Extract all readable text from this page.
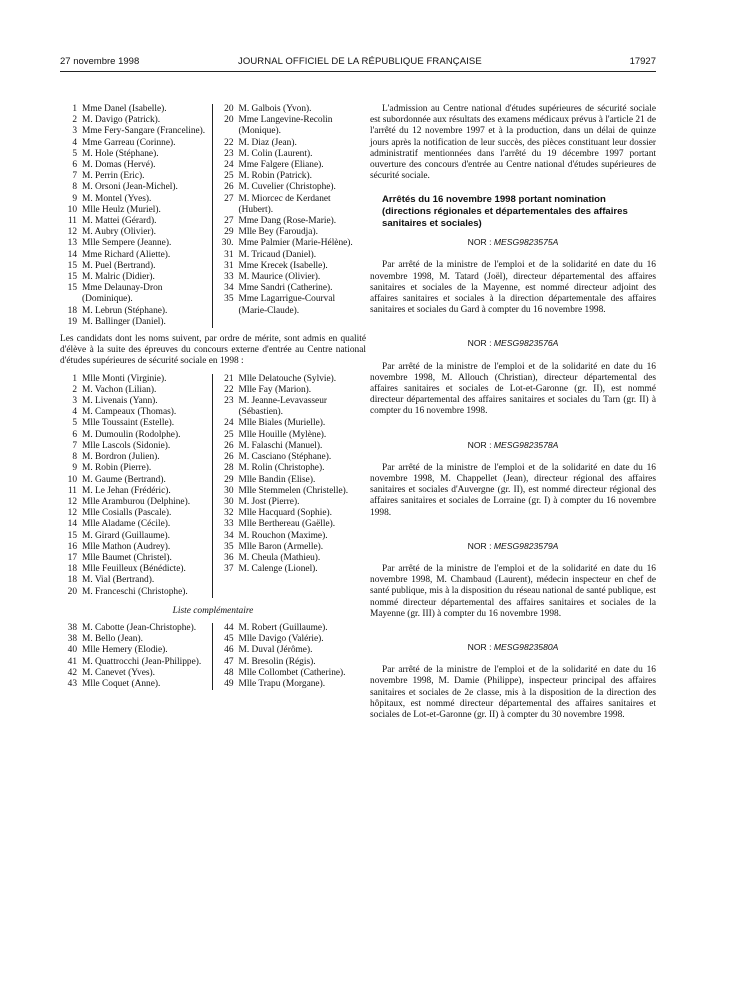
27 novembre 1998	JOURNAL OFFICIEL DE LA RÉPUBLIQUE FRANÇAISE	17927
1 Mme Danel (Isabelle).
2 M. Davigo (Patrick).
3 Mme Fery-Sangare (Franceline).
4 Mme Garreau (Corinne).
5 M. Hole (Stéphane).
6 M. Domas (Hervé).
7 M. Perrin (Eric).
8 M. Orsoni (Jean-Michel).
9 M. Montel (Yves).
10 Mlle Heulz (Muriel).
11 M. Mattei (Gérard).
12 M. Aubry (Olivier).
13 Mlle Sempere (Jeanne).
14 Mme Richard (Aliette).
15 M. Puel (Bertrand).
15 M. Malric (Didier).
15 Mme Delaunay-Dron (Dominique).
18 M. Lebrun (Stéphane).
19 M. Ballinger (Daniel).
20 M. Galbois (Yvon).
20 Mme Langevine-Recolin (Monique).
22 M. Diaz (Jean).
23 M. Colin (Laurent).
24 Mme Falgere (Eliane).
25 M. Robin (Patrick).
26 M. Cuvelier (Christophe).
27 M. Miorcec de Kerdanet (Hubert).
27 Mme Dang (Rose-Marie).
29 Mlle Bey (Faroudja).
30. Mme Palmier (Marie-Hélène).
31 M. Tricaud (Daniel).
31 Mme Krecek (Isabelle).
33 M. Maurice (Olivier).
34 Mme Sandri (Catherine).
35 Mme Lagarrigue-Courval (Marie-Claude).

Les candidats dont les noms suivent, par ordre de mérite, sont admis en qualité d'élève à la suite des épreuves du concours externe d'entrée au Centre national d'études supérieures de sécurité sociale en 1998 :

1 Mlle Monti (Virginie).
2 M. Vachon (Lilian).
3 M. Livenais (Yann).
4 M. Campeaux (Thomas).
5 Mlle Toussaint (Estelle).
6 M. Dumoulin (Rodolphe).
7 Mlle Lascols (Sidonie).
8 M. Bordron (Julien).
9 M. Robin (Pierre).
10 M. Gaume (Bertrand).
11 M. Le Jehan (Frédéric).
12 Mlle Aramburou (Delphine).
12 Mlle Cosialls (Pascale).
14 Mlle Aladame (Cécile).
15 M. Girard (Guillaume).
16 Mlle Mathon (Audrey).
17 Mlle Baumet (Christel).
18 Mlle Feuilleux (Bénédicte).
18 M. Vial (Bertrand).
20 M. Franceschi (Christophe).
21 Mlle Delatouche (Sylvie).
22 Mlle Fay (Marion).
23 M. Jeanne-Levavasseur (Sébastien).
24 Mlle Biales (Murielle).
25 Mlle Houille (Mylène).
26 M. Falaschi (Manuel).
26 M. Casciano (Stéphane).
28 M. Rolin (Christophe).
29 Mlle Bandin (Elise).
30 Mlle Stemmelen (Christelle).
30 M. Jost (Pierre).
32 Mlle Hacquard (Sophie).
33 Mlle Berthereau (Gaëlle).
34 M. Rouchon (Maxime).
35 Mlle Baron (Armelle).
36 M. Cheula (Mathieu).
37 M. Calenge (Lionel).
Liste complémentaire
38 M. Cabotte (Jean-Christophe).
38 M. Bello (Jean).
40 Mlle Hemery (Elodie).
41 M. Quattrocchi (Jean-Philippe).
42 M. Canevet (Yves).
43 Mlle Coquet (Anne).
44 M. Robert (Guillaume).
45 Mlle Davigo (Valérie).
46 M. Duval (Jérôme).
47 M. Bresolin (Régis).
48 Mlle Collombet (Catherine).
49 Mlle Trapu (Morgane).

L'admission au Centre national d'études supérieures de sécurité sociale est subordonnée aux résultats des examens médicaux prévus à l'article 21 de l'arrêté du 12 novembre 1997 et à la production, dans un délai de quinze jours après la notification de leur succès, des pièces constituant leur dossier administratif mentionnées dans l'arrêté du 19 décembre 1997 portant ouverture des concours d'entrée au Centre national d'études supérieures de sécurité sociale.

Arrêtés du 16 novembre 1998 portant nomination (directions régionales et départementales des affaires sanitaires et sociales)
NOR : MESG9823575A

Par arrêté de la ministre de l'emploi et de la solidarité en date du 16 novembre 1998, M. Tatard (Joël), directeur départemental des affaires sanitaires et sociales de la Mayenne, est nommé directeur adjoint des affaires sanitaires et sociales à la direction départementale des affaires sanitaires et sociales du Gard à compter du 16 novembre 1998.

NOR : MESG9823576A

Par arrêté de la ministre de l'emploi et de la solidarité en date du 16 novembre 1998, M. Allouch (Christian), directeur départemental des affaires sanitaires et sociales de Lot-et-Garonne (gr. II), est nommé directeur départemental des affaires sanitaires et sociales du Tarn (gr. II) à compter du 16 novembre 1998.

NOR : MESG9823578A

Par arrêté de la ministre de l'emploi et de la solidarité en date du 16 novembre 1998, M. Chappellet (Jean), directeur régional des affaires sanitaires et sociales d'Auvergne (gr. II), est nommé directeur régional des affaires sanitaires et sociales de Lorraine (gr. I) à compter du 16 novembre 1998.

NOR : MESG9823579A

Par arrêté de la ministre de l'emploi et de la solidarité en date du 16 novembre 1998, M. Chambaud (Laurent), médecin inspecteur en chef de santé publique, mis à la disposition du réseau national de santé publique, est nommé directeur départemental des affaires sanitaires et sociales de la Mayenne (gr. III) à compter du 16 novembre 1998.

NOR : MESG9823580A

Par arrêté de la ministre de l'emploi et de la solidarité en date du 16 novembre 1998, M. Damie (Philippe), inspecteur principal des affaires sanitaires et sociales de 2e classe, mis à la disposition de la direction des hôpitaux, est nommé directeur départemental des affaires sanitaires et sociales de Lot-et-Garonne (gr. II) à compter du 30 novembre 1998.
